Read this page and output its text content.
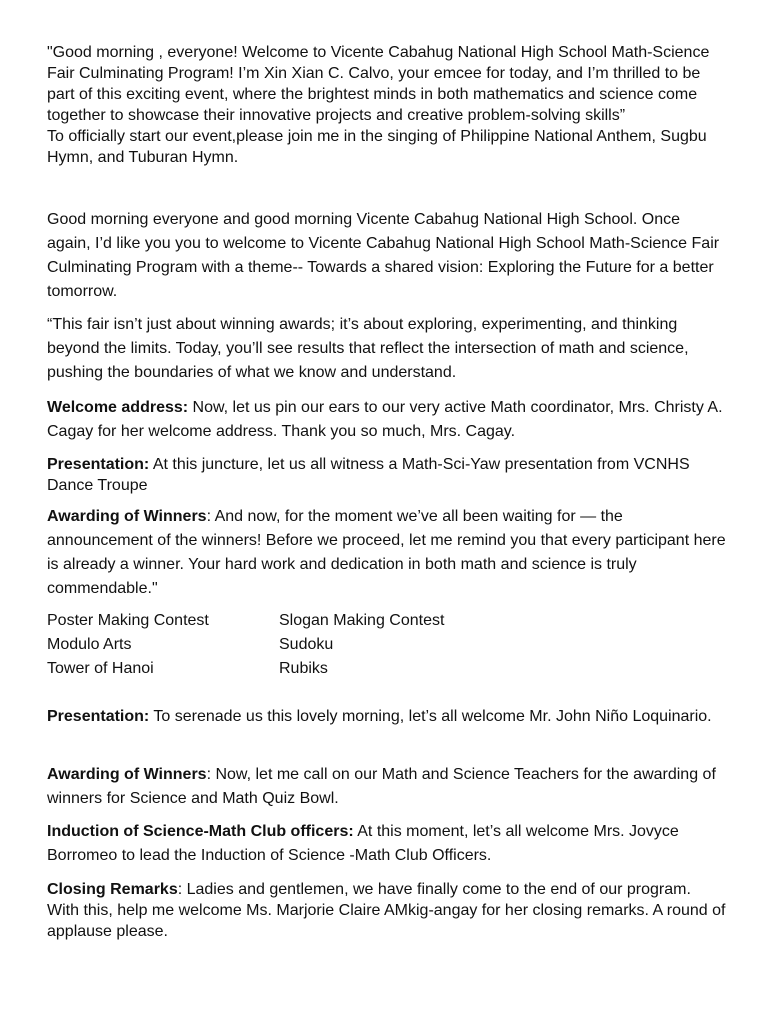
"Good morning , everyone! Welcome to Vicente Cabahug National High School Math-Science Fair Culminating Program! I’m Xin Xian C. Calvo, your emcee for today, and I’m thrilled to be part of this exciting event, where the brightest minds in both mathematics and science come together to showcase their innovative projects and creative problem-solving skills”
To officially start our event,please join me in the singing of Philippine National Anthem, Sugbu Hymn, and Tuburan Hymn.

Good morning everyone and good morning Vicente Cabahug National High School. Once again, I’d like you you to welcome to Vicente Cabahug National High School Math-Science Fair Culminating Program with a theme-- Towards a shared vision: Exploring the Future for a better tomorrow.

“This fair isn’t just about winning awards; it’s about exploring, experimenting, and thinking beyond the limits. Today, you’ll see results that reflect the intersection of math and science, pushing the boundaries of what we know and understand.

Welcome address: Now, let us pin our ears to our very active Math coordinator, Mrs. Christy A. Cagay for her welcome address. Thank you so much, Mrs. Cagay.

Presentation: At this juncture, let us all witness a Math-Sci-Yaw presentation from VCNHS Dance Troupe

Awarding of Winners: And now, for the moment we’ve all been waiting for — the announcement of the winners! Before we proceed, let me remind you that every participant here is already a winner. Your hard work and dedication in both math and science is truly commendable."

Poster Making Contest	Slogan Making Contest
Modulo Arts	Sudoku
Tower of Hanoi	Rubiks

Presentation: To serenade us this lovely morning, let’s all welcome Mr. John Niño Loquinario.

Awarding of Winners: Now, let me call on our Math and Science Teachers for the awarding of winners for Science and Math Quiz Bowl.

Induction of Science-Math Club officers: At this moment, let’s all welcome Mrs. Jovyce Borromeo to lead the Induction of Science -Math Club Officers.

Closing Remarks: Ladies and gentlemen, we have finally come to the end of our program. With this, help me welcome Ms. Marjorie Claire AMkig-angay for her closing remarks. A round of applause please.
